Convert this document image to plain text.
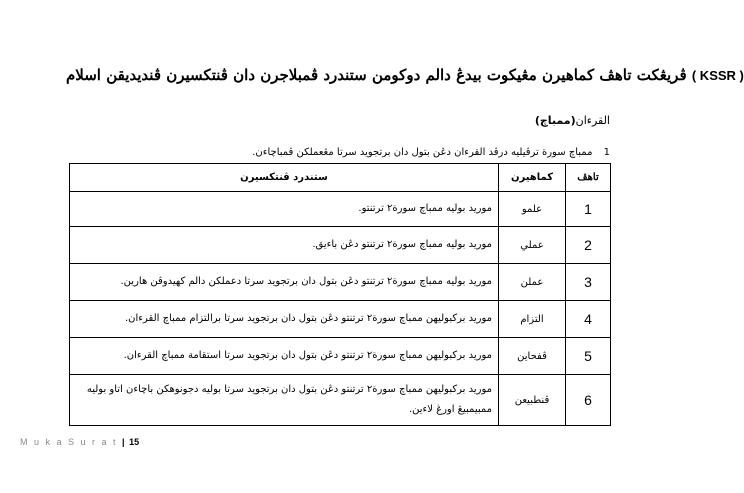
ڤريڠکت تاهڤ کماهيرن مڠيکوت بيدڠ دالم دوکومن ستندرد ڤمبلاجرن دان ڤنتکسيرن ڤنديديقن اسلام ( KSSR )
القرءان(ممباچ)
1 ممباچ سورة ترڤيليه درڤد القرءان دڠن بتول دان برتجويد سرتا مڠعملکن ڤمباچاءن.
تاهڤ	کماهيرن	ستندرد ڤنتکسيرن
1	علمو	موريد بوليه ممباچ سورة٢ ترتنتو.
2	عملي	موريد بوليه ممباچ سورة٢ ترتنتو دڠن باءيق.
3	عملن	موريد بوليه ممباچ سورة٢ ترتنتو دڠن بتول دان برتجويد سرتا دعملکن دالم کهيدوڤن هارين.
4	التزام	موريد برکبوليهن ممباچ سورة٢ ترتنتو دڠن بتول دان برتجويد سرتا برالتزام ممباچ القرءان.
5	ڤفحاين	موريد برکبوليهن ممباچ سورة٢ ترتنتو دڠن بتول دان برتجويد سرتا استقامة ممباچ القرءان.
6	ڤنطبيعن	موريد برکبوليهن ممباچ سورة٢ ترتنتو دڠن بتول دان برتجويد سرتا بوليه دجونوهکن باچاءن اتاو بوليه ممبيمبيڠ اورڠ لاءين.
M u k a S u r a t | 15
